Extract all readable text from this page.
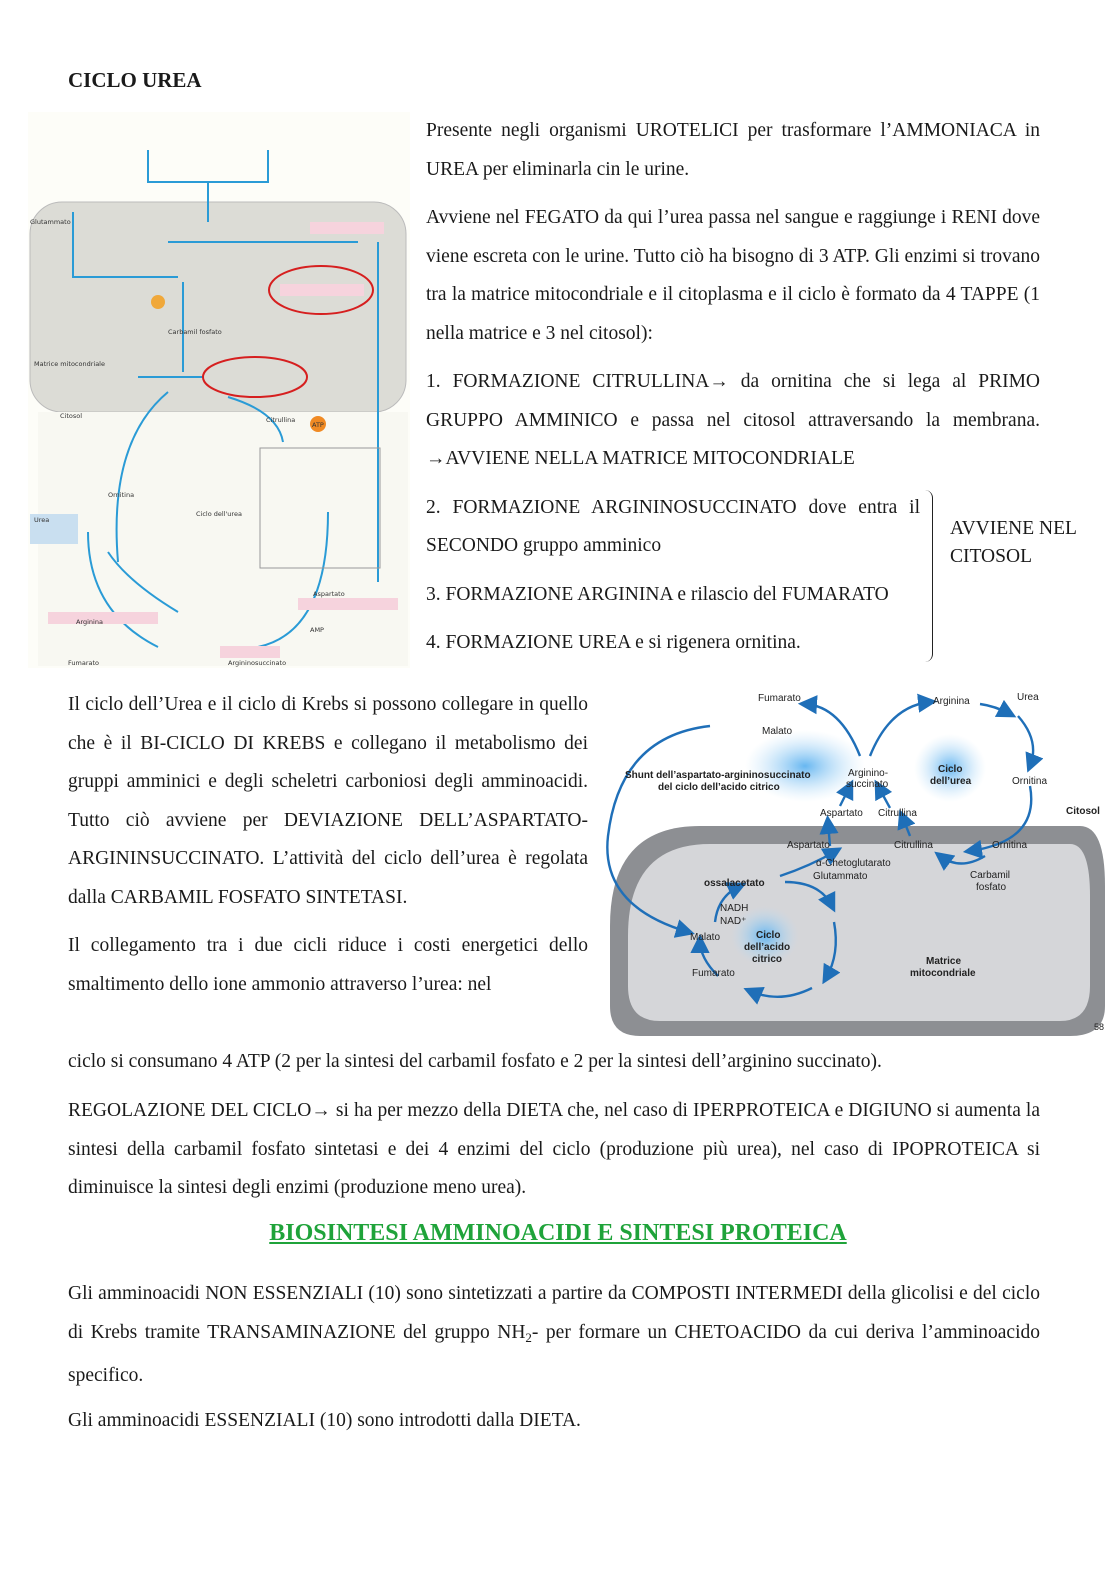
CICLO UREA
Glutammato
Matrice mitocondriale
Citosol
Ciclo dell'urea
Urea
Ornitina
Citrullina
Aspartato
Fumarato
Arginina
ATP
AMP
Carbamil fosfato
Argininosuccinato

Presente negli organismi UROTELICI per trasformare l’AMMONIACA in UREA per eliminarla cin le urine.

Avviene nel FEGATO da qui l’urea passa nel sangue e raggiunge i RENI dove viene escreta con le urine. Tutto ciò ha bisogno di 3 ATP. Gli enzimi si trovano tra la matrice mitocondriale e il citoplasma e il ciclo è formato da 4 TAPPE (1 nella matrice e 3 nel citosol):

1. FORMAZIONE CITRULLINA→ da ornitina che si lega al PRIMO GRUPPO AMMINICO e passa nel citosol attraversando la membrana. →AVVIENE NELLA MATRICE MITOCONDRIALE

2. FORMAZIONE ARGININOSUCCINATO dove entra il SECONDO gruppo amminico

3. FORMAZIONE ARGININA e rilascio del FUMARATO

4. FORMAZIONE UREA e si rigenera ornitina.

AVVIENE NEL CITOSOL

Il ciclo dell’Urea e il ciclo di Krebs si possono collegare in quello che è il BI-CICLO DI KREBS e collegano il metabolismo dei gruppi amminici e degli scheletri carboniosi degli amminoacidi. Tutto ciò avviene per DEVIAZIONE DELL’ASPARTATO-ARGININSUCCINATO. L’attività del ciclo dell’urea è regolata dalla CARBAMIL FOSFATO SINTETASI.

Il collegamento tra i due cicli riduce i costi energetici dello smaltimento dello ione ammonio attraverso l’urea: nel

Fumarato
Malato
Arginina	Urea
Shunt dell’aspartato-argininosuccinato
del ciclo dell’acido citrico
Arginino-
succinato
Ciclo
dell’urea	Ornitina
Citosol
Aspartato Citrullina
Aspartato
α-Chetoglutarato
Glutammato
Citrullina	Ornitina
ossalacetato
Carbamil
fosfato
NADH
NAD⁺
Malato	Ciclo
dell’acido
citrico
Fumarato
Matrice
mitocondriale
58
ciclo si consumano 4 ATP (2 per la sintesi del carbamil fosfato e 2 per la sintesi dell’arginino succinato).
REGOLAZIONE DEL CICLO→ si ha per mezzo della DIETA che, nel caso di IPERPROTEICA e DIGIUNO si aumenta la sintesi della carbamil fosfato sintetasi e dei 4 enzimi del ciclo (produzione più urea), nel caso di IPOPROTEICA si diminuisce la sintesi degli enzimi (produzione meno urea).
BIOSINTESI AMMINOACIDI E SINTESI PROTEICA
Gli amminoacidi NON ESSENZIALI (10) sono sintetizzati a partire da COMPOSTI INTERMEDI della glicolisi e del ciclo di Krebs tramite TRANSAMINAZIONE del gruppo $NH_2-$ per formare un CHETOACIDO da cui deriva l’amminoacido specifico.
Gli amminoacidi ESSENZIALI (10) sono introdotti dalla DIETA.
